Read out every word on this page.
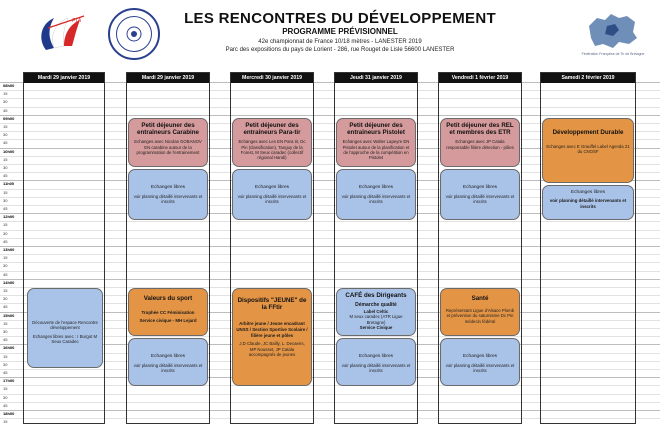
LES RENCONTRES DU DÉVELOPPEMENT
PROGRAMME PRÉVISIONNEL
42e championnat de France 10/18 mètres - LANESTER 2019
Parc des expositions du pays de Lorient - 286, rue Rouget de Lisle 56600 LANESTER
FTA
Fédération Française de Tir de Bretagne
08h00
15
30
45
09h00
15
30
45
10h00
15
30
45
11h00
15
30
45
12h00
15
30
45
13h00
15
30
45
14h00
15
30
45
15h00
15
30
45
16h00
15
30
45
17h00
15
30
45
18h00
15
Mardi 29 janvier 2019	Mardi 29 janvier 2019	Mercredi 30 janvier 2019	Jeudi 31 janvier 2019	Vendredi 1 février 2019	Samedi 2 février 2019
Découverte de l'espace Rencontre développement
Echanges libres avec : I Burgot M Seux Caradec
Petit déjeuner des entraîneurs Carabine
Echanges avec Nicolas GOBANOV EN carabine autour de la programmation de l'entrainement
Echanges libres
voir planning détaillé intervenants et inscrits
Valeurs du sport
Trophée CC Féminisation
Service civique - MH Lejard
Echanges libres
voir planning détaillé intervenants et inscrits
Petit déjeuner des entraîneurs Para-tir
Echanges avec Les EN Para tir, Dc Pin (classification), Tanguy de la Forest, M Seux caradec (collectif régional Handi)
Echanges libres
voir planning détaillé intervenants et inscrits
Dispositifs "JEUNE" de la FFtir
Arbitre jeune / Jeune encadrant UNSS / Section Sportive Scolaire / filière jeune et pôles
J.D Claude, JC Bailly, L. Decaens, MP Nousset, JP Catala accompagnés de jeunes
Petit déjeuner des entraîneurs Pistolet
Echanges avec Walter Lapeyre EN Pistolet autour de la planification et de l'approche de la compétition en Pistolet
Echanges libres
voir planning détaillé intervenants et inscrits
CAFÉ des Dirigeants
Démarche qualité
Label Celtic
M seux caradec (ATR Ligue Bretagne)
Service Civique
Echanges libres
voir planning détaillé intervenants et inscrits
Petit déjeuner des REL et membres des ETR
Echanges avec JP Catala responsable filière détection - pôles
Echanges libres
voir planning détaillé intervenants et inscrits
Santé
Représentant Ligue d'Alsace Plomb et prévention du saturnisme Dc Pin médecin fédéral
Echanges libres
voir planning détaillé intervenants et inscrits
Développement Durable
Echanges avec E Grauffel Label Agenda 21 du CNOSF
Echanges libres
voir planning détaillé intervenants et inscrits
